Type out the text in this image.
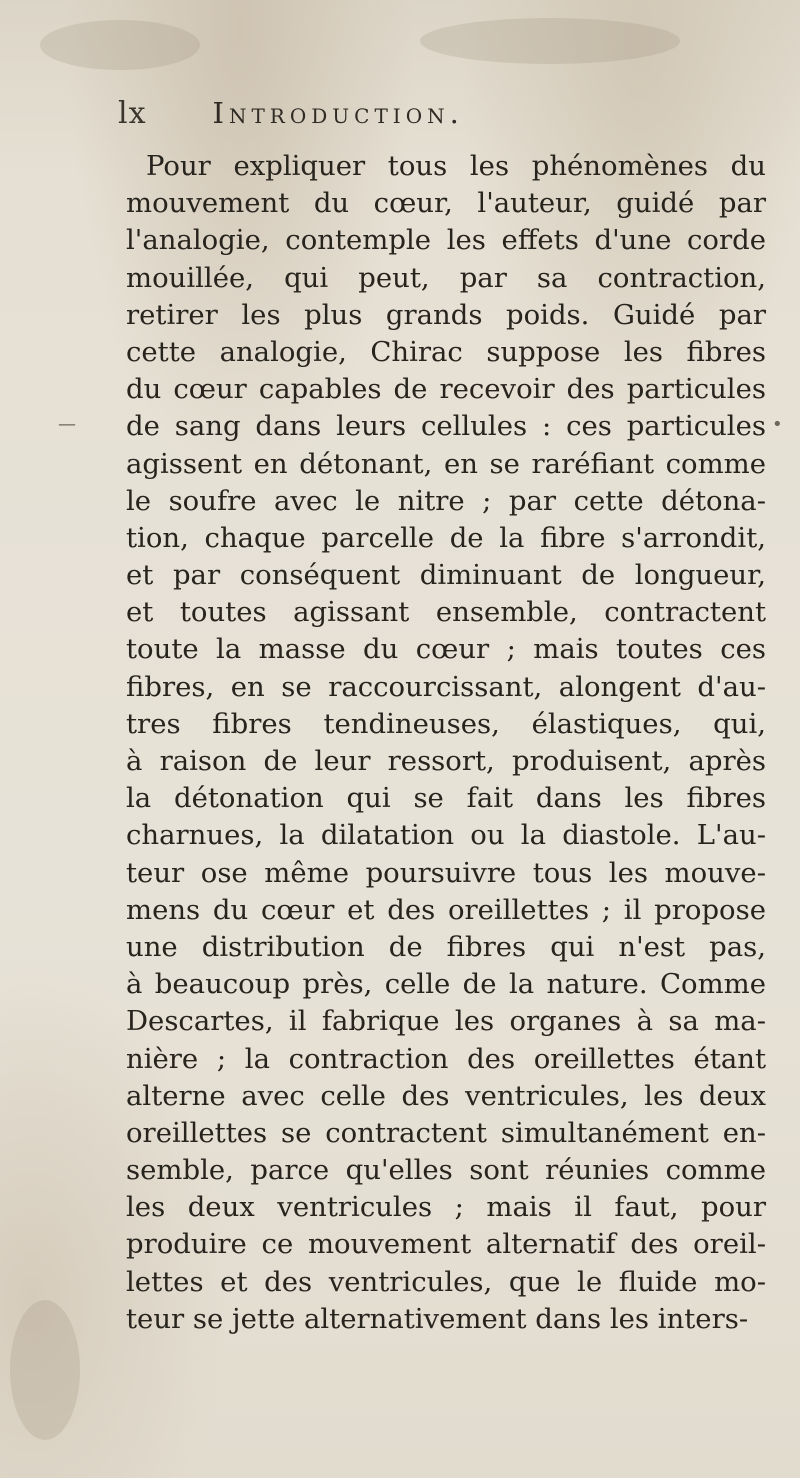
lx Introduction.
Pour expliquer tous les phénomènes du
mouvement du cœur, l'auteur, guidé par
l'analogie, contemple les effets d'une corde
mouillée, qui peut, par sa contraction,
retirer les plus grands poids. Guidé par
cette analogie, Chirac suppose les fibres
du cœur capables de recevoir des particules
de sang dans leurs cellules : ces particules
agissent en détonant, en se raréfiant comme
le soufre avec le nitre ; par cette détona-
tion, chaque parcelle de la fibre s'arrondit,
et par conséquent diminuant de longueur,
et toutes agissant ensemble, contractent
toute la masse du cœur ; mais toutes ces
fibres, en se raccourcissant, alongent d'au-
tres fibres tendineuses, élastiques, qui,
à raison de leur ressort, produisent, après
la détonation qui se fait dans les fibres
charnues, la dilatation ou la diastole. L'au-
teur ose même poursuivre tous les mouve-
mens du cœur et des oreillettes ; il propose
une distribution de fibres qui n'est pas,
à beaucoup près, celle de la nature. Comme
Descartes, il fabrique les organes à sa ma-
nière ; la contraction des oreillettes étant
alterne avec celle des ventricules, les deux
oreillettes se contractent simultanément en-
semble, parce qu'elles sont réunies comme
les deux ventricules ; mais il faut, pour
produire ce mouvement alternatif des oreil-
lettes et des ventricules, que le fluide mo-
teur se jette alternativement dans les inters-
•
—
